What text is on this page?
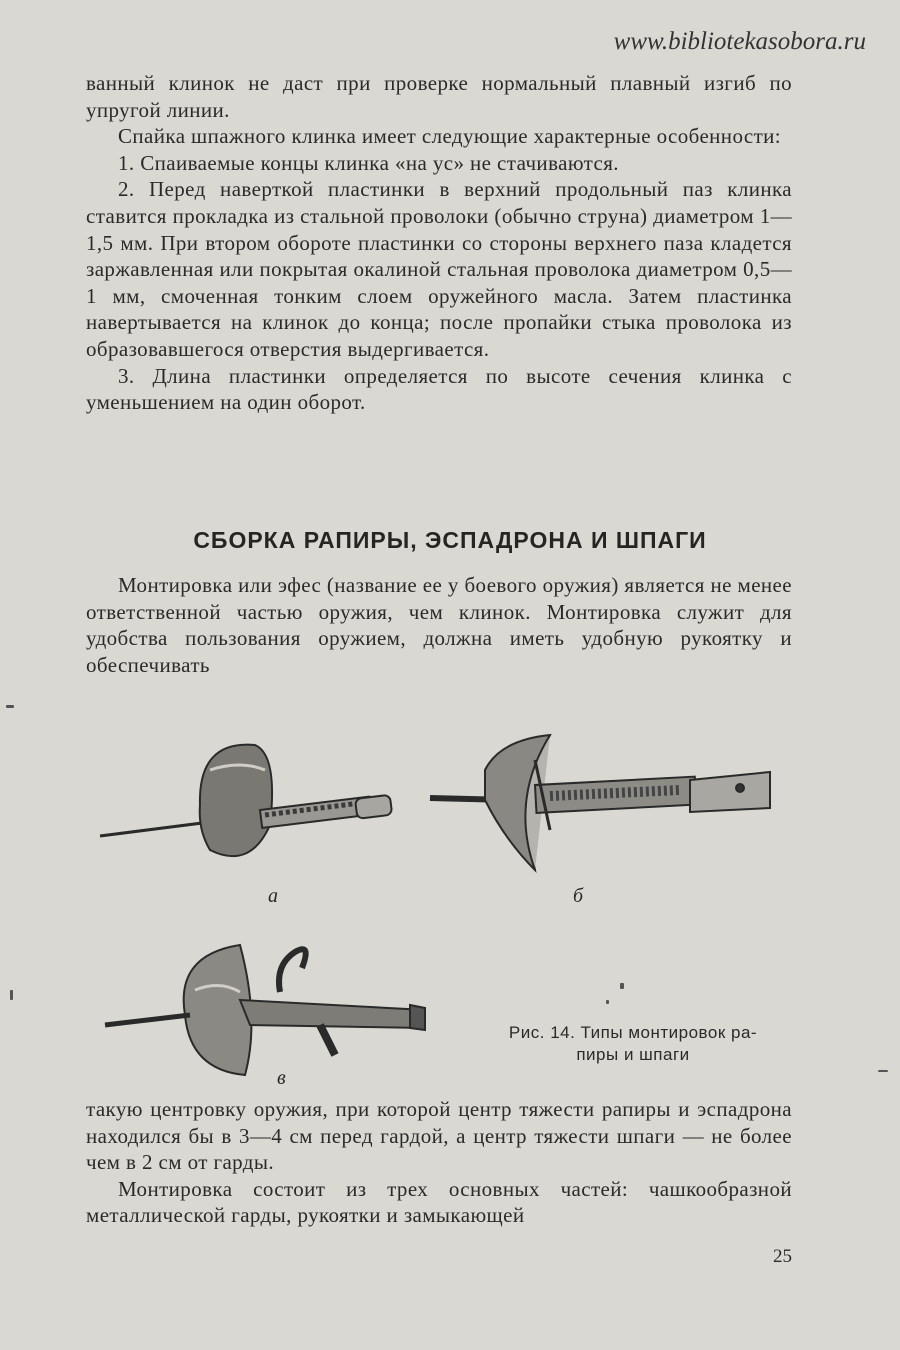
www.bibliotekasobora.ru

ванный клинок не даст при проверке нормальный плавный изгиб по упругой линии.

Спайка шпажного клинка имеет следующие характерные особенности:

1. Спаиваемые концы клинка «на ус» не стачиваются.

2. Перед наверткой пластинки в верхний продольный паз клинка ставится прокладка из стальной проволоки (обычно струна) диаметром 1—1,5 мм. При втором обороте пластинки со стороны верхнего паза кладется заржавленная или покрытая окалиной стальная проволока диаметром 0,5—1 мм, смоченная тонким слоем оружейного масла. Затем пластинка навертывается на клинок до конца; после пропайки стыка проволока из образовавшегося отверстия выдергивается.

3. Длина пластинки определяется по высоте сечения клинка с уменьшением на один оборот.

СБОРКА РАПИРЫ, ЭСПАДРОНА И ШПАГИ

Монтировка или эфес (название ее у боевого оружия) является не менее ответственной частью оружия, чем клинок. Монтировка служит для удобства пользования оружием, должна иметь удобную рукоятку и обеспечивать

а	б
в
Рис. 14. Типы монтировок ра-
пиры и шпаги

такую центровку оружия, при которой центр тяжести рапиры и эспадрона находился бы в 3—4 см перед гардой, а центр тяжести шпаги — не более чем в 2 см от гарды.

Монтировка состоит из трех основных частей: чашкообразной металлической гарды, рукоятки и замыкающей

25
